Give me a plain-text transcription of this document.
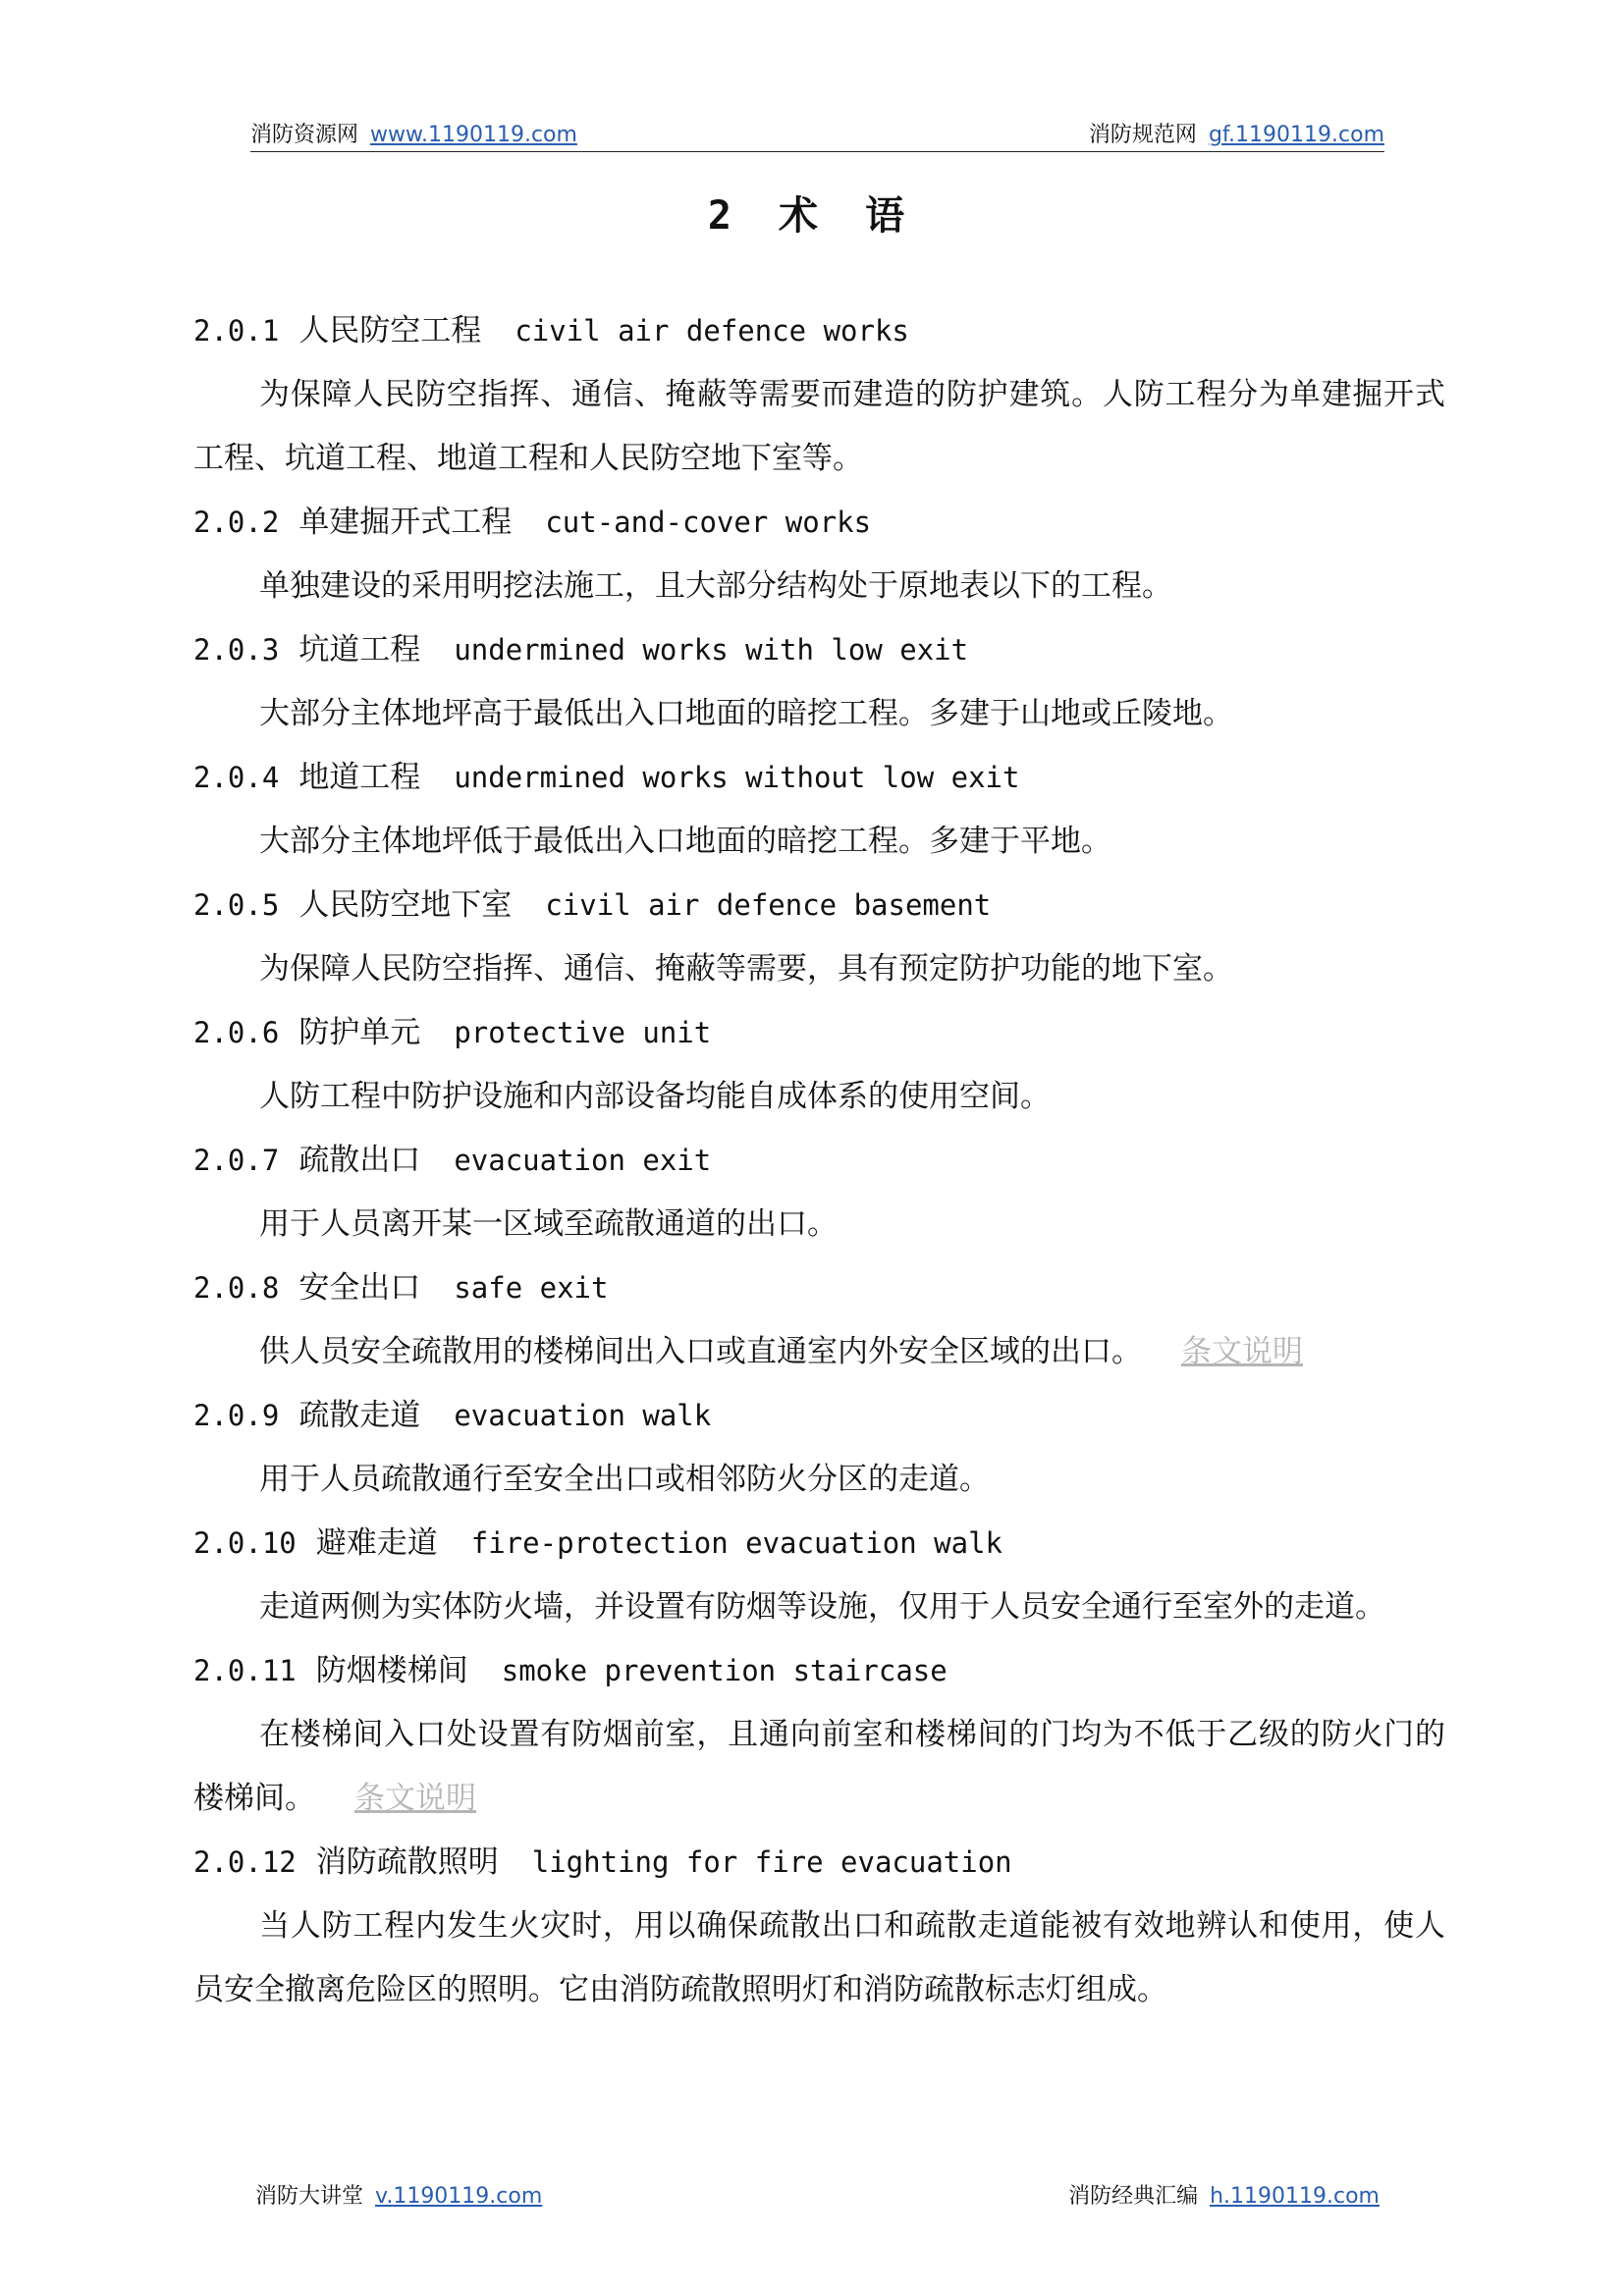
消防资源网 www.1190119.com	消防规范网 gf.1190119.com
2 术 语
2.0.1 人民防空工程 civil air defence works

为保障人民防空指挥、通信、掩蔽等需要而建造的防护建筑。人防工程分为单建掘开式工程、坑道工程、地道工程和人民防空地下室等。

2.0.2 单建掘开式工程 cut-and-cover works

单独建设的采用明挖法施工，且大部分结构处于原地表以下的工程。

2.0.3 坑道工程 undermined works with low exit

大部分主体地坪高于最低出入口地面的暗挖工程。多建于山地或丘陵地。

2.0.4 地道工程 undermined works without low exit

大部分主体地坪低于最低出入口地面的暗挖工程。多建于平地。

2.0.5 人民防空地下室 civil air defence basement

为保障人民防空指挥、通信、掩蔽等需要，具有预定防护功能的地下室。

2.0.6 防护单元 protective unit

人防工程中防护设施和内部设备均能自成体系的使用空间。

2.0.7 疏散出口 evacuation exit

用于人员离开某一区域至疏散通道的出口。

2.0.8 安全出口 safe exit

供人员安全疏散用的楼梯间出入口或直通室内外安全区域的出口。 条文说明

2.0.9 疏散走道 evacuation walk

用于人员疏散通行至安全出口或相邻防火分区的走道。

2.0.10 避难走道 fire-protection evacuation walk

走道两侧为实体防火墙，并设置有防烟等设施，仅用于人员安全通行至室外的走道。

2.0.11 防烟楼梯间 smoke prevention staircase

在楼梯间入口处设置有防烟前室，且通向前室和楼梯间的门均为不低于乙级的防火门的楼梯间。 条文说明

2.0.12 消防疏散照明 lighting for fire evacuation

当人防工程内发生火灾时，用以确保疏散出口和疏散走道能被有效地辨认和使用，使人员安全撤离危险区的照明。它由消防疏散照明灯和消防疏散标志灯组成。

消防大讲堂 v.1190119.com	消防经典汇编 h.1190119.com
